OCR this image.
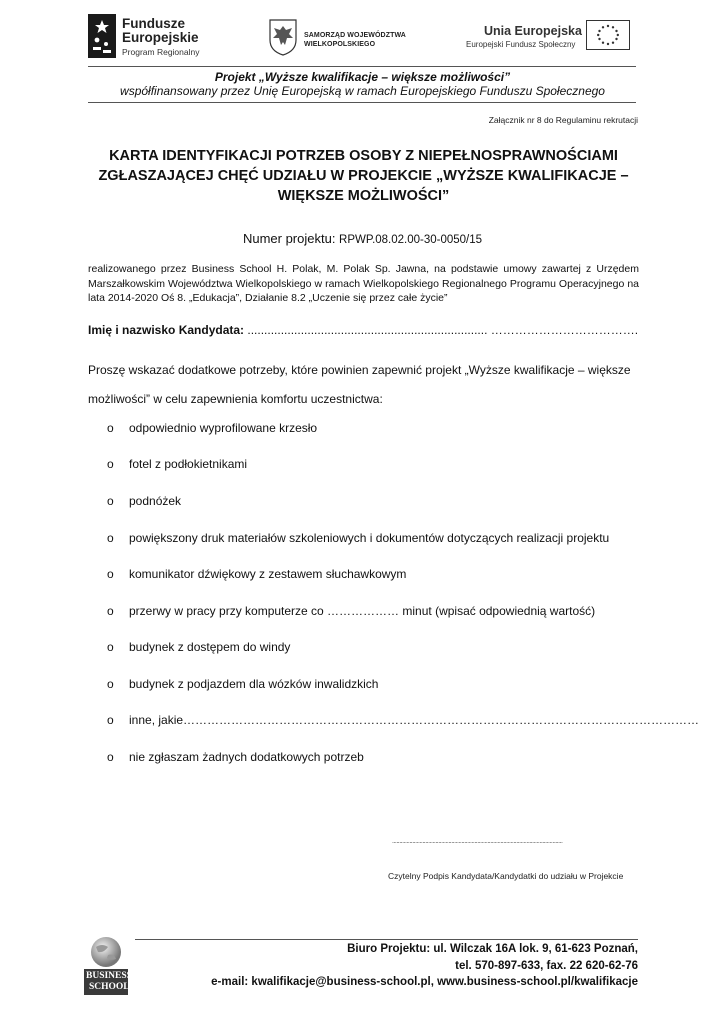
Fundusze
Europejskie
Program Regionalny
SAMORZĄD WOJEWÓDZTWA
WIELKOPOLSKIEGO
Unia Europejska
Europejski Fundusz Społeczny
Projekt „Wyższe kwalifikacje – większe możliwości”
współfinansowany przez Unię Europejską w ramach Europejskiego Funduszu Społecznego
Załącznik nr 8 do Regulaminu rekrutacji
KARTA IDENTYFIKACJI POTRZEB OSOBY Z NIEPEŁNOSPRAWNOŚCIAMI
ZGŁASZAJĄCEJ CHĘĆ UDZIAŁU W PROJEKCIE „WYŻSZE KWALIFIKACJE –
WIĘKSZE MOŻLIWOŚCI”
Numer projektu: RPWP.08.02.00-30-0050/15
realizowanego przez Business School H. Polak, M. Polak Sp. Jawna, na podstawie umowy zawartej z Urzędem Marszałkowskim Województwa Wielkopolskiego w ramach Wielkopolskiego Regionalnego Programu Operacyjnego na lata 2014-2020 Oś 8. „Edukacja”, Działanie 8.2 „Uczenie się przez całe życie”
Imię i nazwisko Kandydata: ........................................................................ ……………………………….
Proszę wskazać dodatkowe potrzeby, które powinien zapewnić projekt „Wyższe kwalifikacje – większe możliwości” w celu zapewnienia komfortu uczestnictwa:
o odpowiednio wyprofilowane krzesło
o fotel z podłokietnikami
o podnóżek
o powiększony druk materiałów szkoleniowych i dokumentów dotyczących realizacji projektu
o komunikator dźwiękowy z zestawem słuchawkowym
o przerwy w pracy przy komputerze co ……………… minut (wpisać odpowiednią wartość)
o budynek z dostępem do windy
o budynek z podjazdem dla wózków inwalidzkich
o inne, jakie…………………………………………………………………………………………………………………
o nie zgłaszam żadnych dodatkowych potrzeb
......................................................................................................................
Czytelny Podpis Kandydata/Kandydatki do udziału w Projekcie
BUSINESS
SCHOOL
Biuro Projektu: ul. Wilczak 16A lok. 9, 61-623 Poznań,
tel. 570-897-633, fax. 22 620-62-76
e-mail: kwalifikacje@business-school.pl, www.business-school.pl/kwalifikacje
